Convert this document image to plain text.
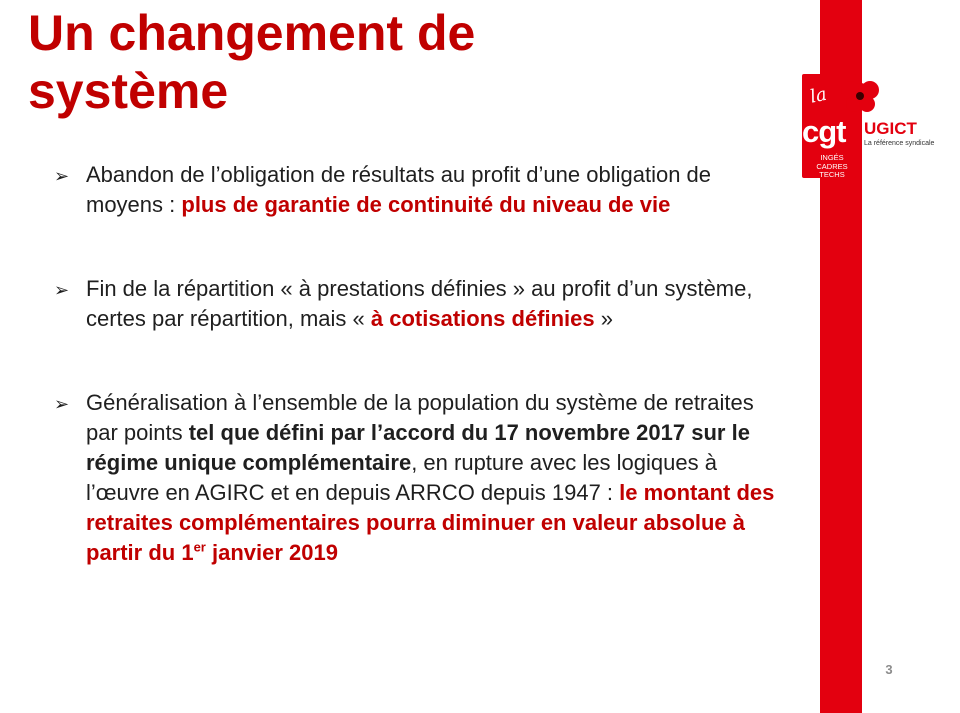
Un changement de
système	la
cgt	UGICT
La référence syndicale
INGÉS
CADRES
TECHS
➢ Abandon de l’obligation de résultats au profit d’une obligation de moyens : plus de garantie de continuité du niveau de vie
➢ Fin de la répartition « à prestations définies » au profit d’un système, certes par répartition, mais « à cotisations définies »
➢ Généralisation à l’ensemble de la population du système de retraites par points tel que défini par l’accord du 17 novembre 2017 sur le régime unique complémentaire, en rupture avec les logiques à l’œuvre en AGIRC et en depuis ARRCO depuis 1947 : le montant des retraites complémentaires pourra diminuer en valeur absolue à partir du 1er janvier 2019
3
